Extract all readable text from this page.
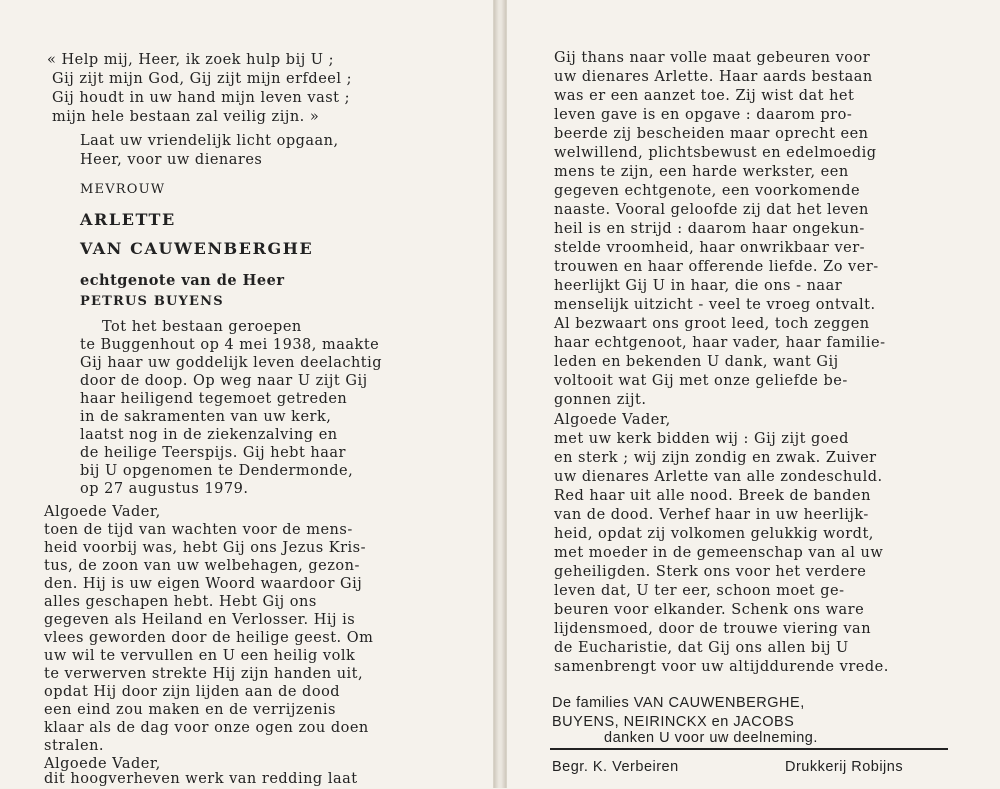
« Help mij, Heer, ik zoek hulp bij U ;
Gij zijt mijn God, Gij zijt mijn erfdeel ;
Gij houdt in uw hand mijn leven vast ;
mijn hele bestaan zal veilig zijn. »
Laat uw vriendelijk licht opgaan,
Heer, voor uw dienares
MEVROUW
ARLETTE
VAN CAUWENBERGHE
echtgenote van de Heer
PETRUS BUYENS
Tot het bestaan geroepen
te Buggenhout op 4 mei 1938, maakte
Gij haar uw goddelijk leven deelachtig
door de doop. Op weg naar U zijt Gij
haar heiligend tegemoet getreden
in de sakramenten van uw kerk,
laatst nog in de ziekenzalving en
de heilige Teerspijs. Gij hebt haar
bij U opgenomen te Dendermonde,
op 27 augustus 1979.
Algoede Vader,
toen de tijd van wachten voor de mens-
heid voorbij was, hebt Gij ons Jezus Kris-
tus, de zoon van uw welbehagen, gezon-
den. Hij is uw eigen Woord waardoor Gij
alles geschapen hebt. Hebt Gij ons
gegeven als Heiland en Verlosser. Hij is
vlees geworden door de heilige geest. Om
uw wil te vervullen en U een heilig volk
te verwerven strekte Hij zijn handen uit,
opdat Hij door zijn lijden aan de dood
een eind zou maken en de verrijzenis
klaar als de dag voor onze ogen zou doen
stralen.
Algoede Vader,
dit hoogverheven werk van redding laat
Gij thans naar volle maat gebeuren voor
uw dienares Arlette. Haar aards bestaan
was er een aanzet toe. Zij wist dat het
leven gave is en opgave : daarom pro-
beerde zij bescheiden maar oprecht een
welwillend, plichtsbewust en edelmoedig
mens te zijn, een harde werkster, een
gegeven echtgenote, een voorkomende
naaste. Vooral geloofde zij dat het leven
heil is en strijd : daarom haar ongekun-
stelde vroomheid, haar onwrikbaar ver-
trouwen en haar offerende liefde. Zo ver-
heerlijkt Gij U in haar, die ons - naar
menselijk uitzicht - veel te vroeg ontvalt.
Al bezwaart ons groot leed, toch zeggen
haar echtgenoot, haar vader, haar familie-
leden en bekenden U dank, want Gij
voltooit wat Gij met onze geliefde be-
gonnen zijt.
Algoede Vader,
met uw kerk bidden wij : Gij zijt goed
en sterk ; wij zijn zondig en zwak. Zuiver
uw dienares Arlette van alle zondeschuld.
Red haar uit alle nood. Breek de banden
van de dood. Verhef haar in uw heerlijk-
heid, opdat zij volkomen gelukkig wordt,
met moeder in de gemeenschap van al uw
geheiligden. Sterk ons voor het verdere
leven dat, U ter eer, schoon moet ge-
beuren voor elkander. Schenk ons ware
lijdensmoed, door de trouwe viering van
de Eucharistie, dat Gij ons allen bij U
samenbrengt voor uw altijddurende vrede.
De families VAN CAUWENBERGHE,
BUYENS, NEIRINCKX en JACOBS
Begr. K. Verbeiren	Drukkerij Robijns
danken U voor uw deelneming.
